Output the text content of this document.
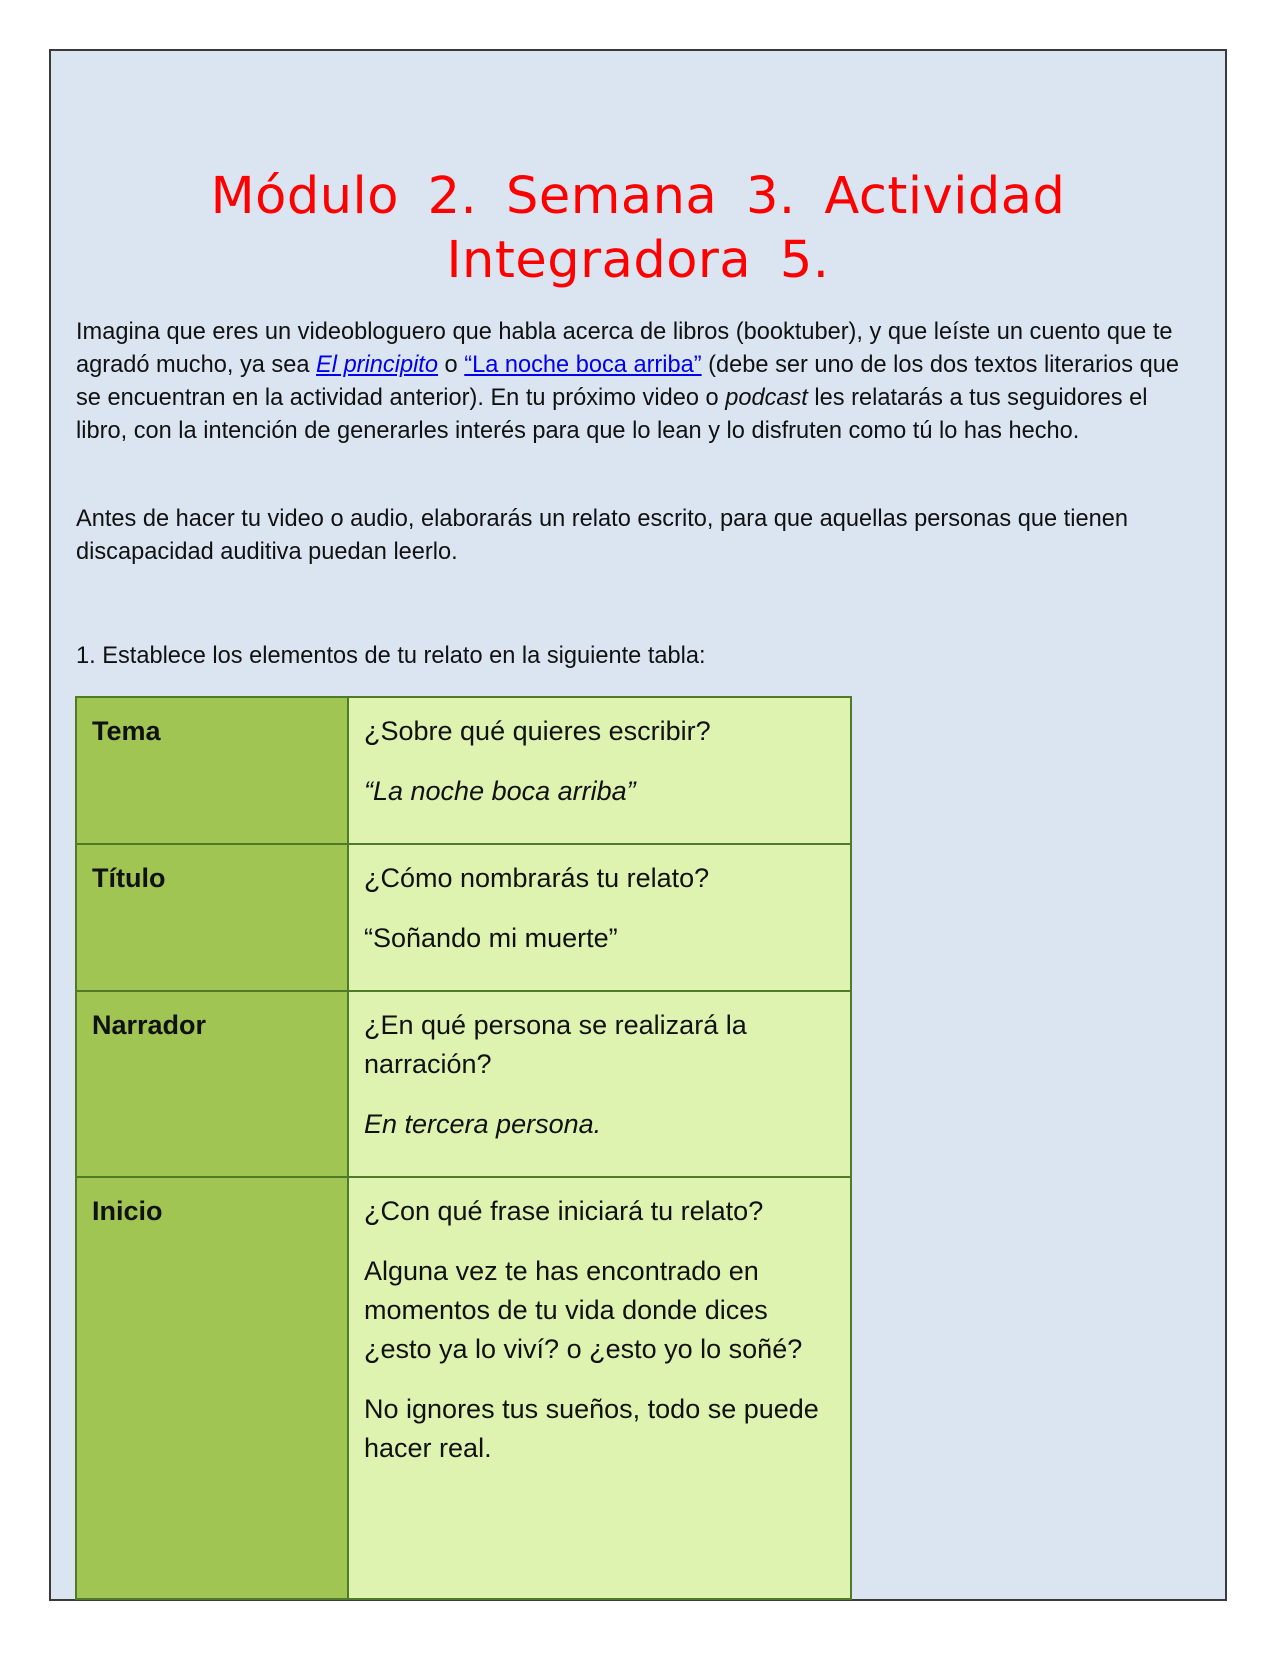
Módulo 2. Semana 3. Actividad Integradora 5.

Imagina que eres un videobloguero que habla acerca de libros (booktuber), y que leíste un cuento que te agradó mucho, ya sea El principito o “La noche boca arriba” (debe ser uno de los dos textos literarios que se encuentran en la actividad anterior). En tu próximo video o podcast les relatarás a tus seguidores el libro, con la intención de generarles interés para que lo lean y lo disfruten como tú lo has hecho.

Antes de hacer tu video o audio, elaborarás un relato escrito, para que aquellas personas que tienen discapacidad auditiva puedan leerlo.

1. Establece los elementos de tu relato en la siguiente tabla:

Tema	¿Sobre qué quieres escribir?

“La noche boca arriba”

Título	¿Cómo nombrarás tu relato?

“Soñando mi muerte”

Narrador	¿En qué persona se realizará la narración?

En tercera persona.

Inicio	¿Con qué frase iniciará tu relato?

Alguna vez te has encontrado en momentos de tu vida donde dices ¿esto ya lo viví? o ¿esto yo lo soñé?

No ignores tus sueños, todo se puede hacer real.
